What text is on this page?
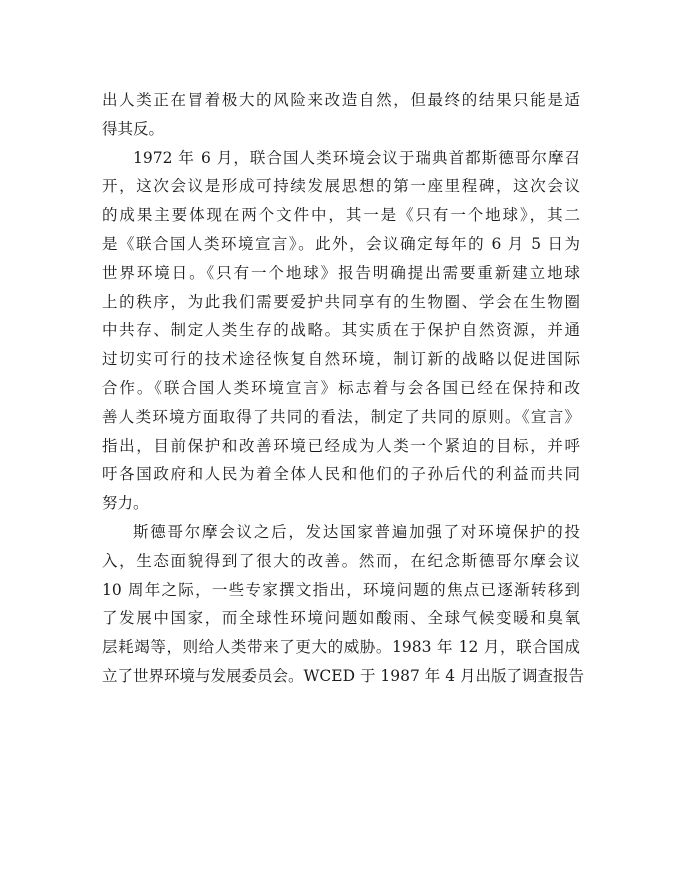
出人类正在冒着极大的风险来改造自然，但最终的结果只能是适
得其反。
1972 年 6 月，联合国人类环境会议于瑞典首都斯德哥尔摩召
开，这次会议是形成可持续发展思想的第一座里程碑，这次会议
的成果主要体现在两个文件中，其一是《只有一个地球》，其二
是《联合国人类环境宣言》。此外，会议确定每年的 6 月 5 日为
世界环境日。《只有一个地球》报告明确提出需要重新建立地球
上的秩序，为此我们需要爱护共同享有的生物圈、学会在生物圈
中共存、制定人类生存的战略。其实质在于保护自然资源，并通
过切实可行的技术途径恢复自然环境，制订新的战略以促进国际
合作。《联合国人类环境宣言》标志着与会各国已经在保持和改
善人类环境方面取得了共同的看法，制定了共同的原则。《宣言》
指出，目前保护和改善环境已经成为人类一个紧迫的目标，并呼
吁各国政府和人民为着全体人民和他们的子孙后代的利益而共同
努力。
斯德哥尔摩会议之后，发达国家普遍加强了对环境保护的投
入，生态面貌得到了很大的改善。然而，在纪念斯德哥尔摩会议
10 周年之际，一些专家撰文指出，环境问题的焦点已逐渐转移到
了发展中国家，而全球性环境问题如酸雨、全球气候变暖和臭氧
层耗竭等，则给人类带来了更大的威胁。1983 年 12 月，联合国成
立了世界环境与发展委员会。WCED 于 1987 年 4 月出版了调查报告
